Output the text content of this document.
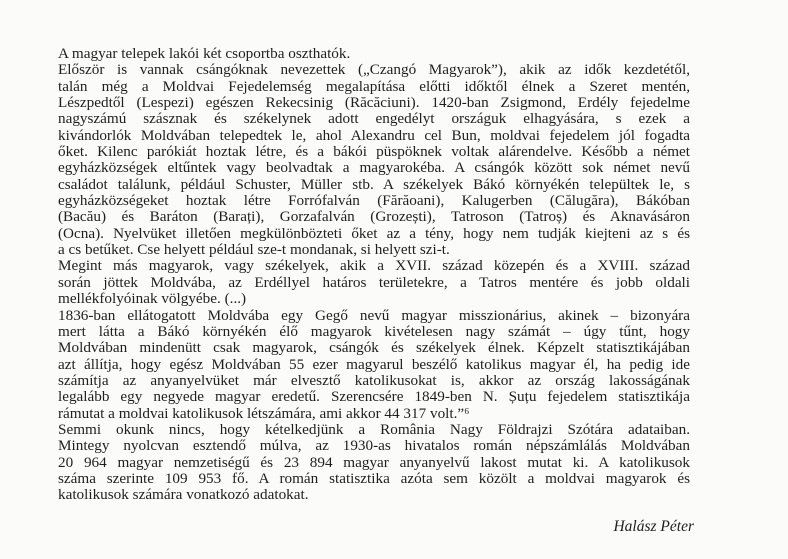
A magyar telepek lakói két csoportba oszthatók.
Először is vannak csángóknak nevezettek („Czangó Magyarok”), akik az idők kezdetétől,
talán még a Moldvai Fejedelemség megalapítása előtti időktől élnek a Szeret mentén,
Lészpedtől (Lespezi) egészen Rekecsinig (Răcăciuni). 1420-ban Zsigmond, Erdély fejedelme
nagyszámú szásznak és székelynek adott engedélyt országuk elhagyására, s ezek a
kivándorlók Moldvában telepedtek le, ahol Alexandru cel Bun, moldvai fejedelem jól fogadta
őket. Kilenc parókiát hoztak létre, és a bákói püspöknek voltak alárendelve. Később a német
egyházközségek eltűntek vagy beolvadtak a magyarokéba. A csángók között sok német nevű
családot találunk, például Schuster, Müller stb. A székelyek Bákó környékén települtek le, s
egyházközségeket hoztak létre Forrófalván (Fărăoani), Kalugerben (Călugăra), Bákóban
(Bacău) és Baráton (Barați), Gorzafalván (Grozești), Tatroson (Tatroș) és Aknavásáron
(Ocna). Nyelvüket illetően megkülönbözteti őket az a tény, hogy nem tudják kiejteni az s és
a cs betűket. Cse helyett például sze-t mondanak, si helyett szi-t.
Megint más magyarok, vagy székelyek, akik a XVII. század közepén és a XVIII. század
során jöttek Moldvába, az Erdéllyel határos területekre, a Tatros mentére és jobb oldali
mellékfolyóinak völgyébe. (...)
1836-ban ellátogatott Moldvába egy Gegő nevű magyar misszionárius, akinek – bizonyára
mert látta a Bákó környékén élő magyarok kivételesen nagy számát – úgy tűnt, hogy
Moldvában mindenütt csak magyarok, csángók és székelyek élnek. Képzelt statisztikájában
azt állítja, hogy egész Moldvában 55 ezer magyarul beszélő katolikus magyar él, ha pedig ide
számítja az anyanyelvüket már elvesztő katolikusokat is, akkor az ország lakosságának
legalább egy negyede magyar eredetű. Szerencsére 1849-ben N. Șuțu fejedelem statisztikája
rámutat a moldvai katolikusok létszámára, ami akkor 44 317 volt.”⁶
Semmi okunk nincs, hogy kételkedjünk a România Nagy Földrajzi Szótára adataiban.
Mintegy nyolcvan esztendő múlva, az 1930-as hivatalos román népszámlálás Moldvában
20 964 magyar nemzetiségű és 23 894 magyar anyanyelvű lakost mutat ki. A katolikusok
száma szerinte 109 953 fő. A román statisztika azóta sem közölt a moldvai magyarok és
katolikusok számára vonatkozó adatokat.
Halász Péter
